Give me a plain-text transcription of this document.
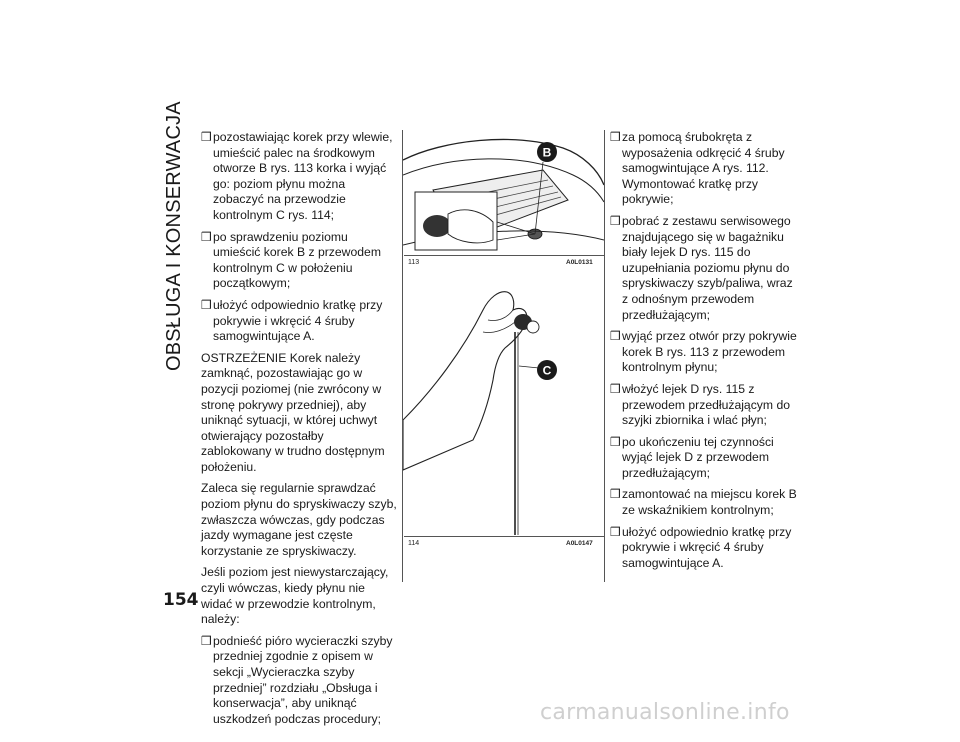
OBSŁUGA I KONSERWACJA
154
❒ pozostawiając korek przy wlewie, umieścić palec na środkowym otworze B rys. 113 korka i wyjąć go: poziom płynu można zobaczyć na przewodzie kontrolnym C rys. 114;
❒ po sprawdzeniu poziomu umieścić korek B z przewodem kontrolnym C w położeniu początkowym;
❒ ułożyć odpowiednio kratkę przy pokrywie i wkręcić 4 śruby samogwintujące A.

OSTRZEŻENIE Korek należy zamknąć, pozostawiając go w pozycji poziomej (nie zwrócony w stronę pokrywy przedniej), aby uniknąć sytuacji, w której uchwyt otwierający pozostałby zablokowany w trudno dostępnym położeniu.

Zaleca się regularnie sprawdzać poziom płynu do spryskiwaczy szyb, zwłaszcza wówczas, gdy podczas jazdy wymagane jest częste korzystanie ze spryskiwaczy.

Jeśli poziom jest niewystarczający, czyli wówczas, kiedy płynu nie widać w przewodzie kontrolnym, należy:

❒ podnieść pióro wycieraczki szyby przedniej zgodnie z opisem w sekcji „Wycieraczka szyby przedniej” rozdziału „Obsługa i konserwacja”, aby uniknąć uszkodzeń podczas procedury;
B
113	A0L0131
C
114	A0L0147
❒ za pomocą śrubokręta z wyposażenia odkręcić 4 śruby samogwintujące A rys. 112. Wymontować kratkę przy pokrywie;
❒ pobrać z zestawu serwisowego znajdującego się w bagażniku biały lejek D rys. 115 do uzupełniania poziomu płynu do spryskiwaczy szyb/paliwa, wraz z odnośnym przewodem przedłużającym;
❒ wyjąć przez otwór przy pokrywie korek B rys. 113 z przewodem kontrolnym płynu;
❒ włożyć lejek D rys. 115 z przewodem przedłużającym do szyjki zbiornika i wlać płyn;
❒ po ukończeniu tej czynności wyjąć lejek D z przewodem przedłużającym;
❒ zamontować na miejscu korek B ze wskaźnikiem kontrolnym;
❒ ułożyć odpowiednio kratkę przy pokrywie i wkręcić 4 śruby samogwintujące A.
carmanualsonline.info
